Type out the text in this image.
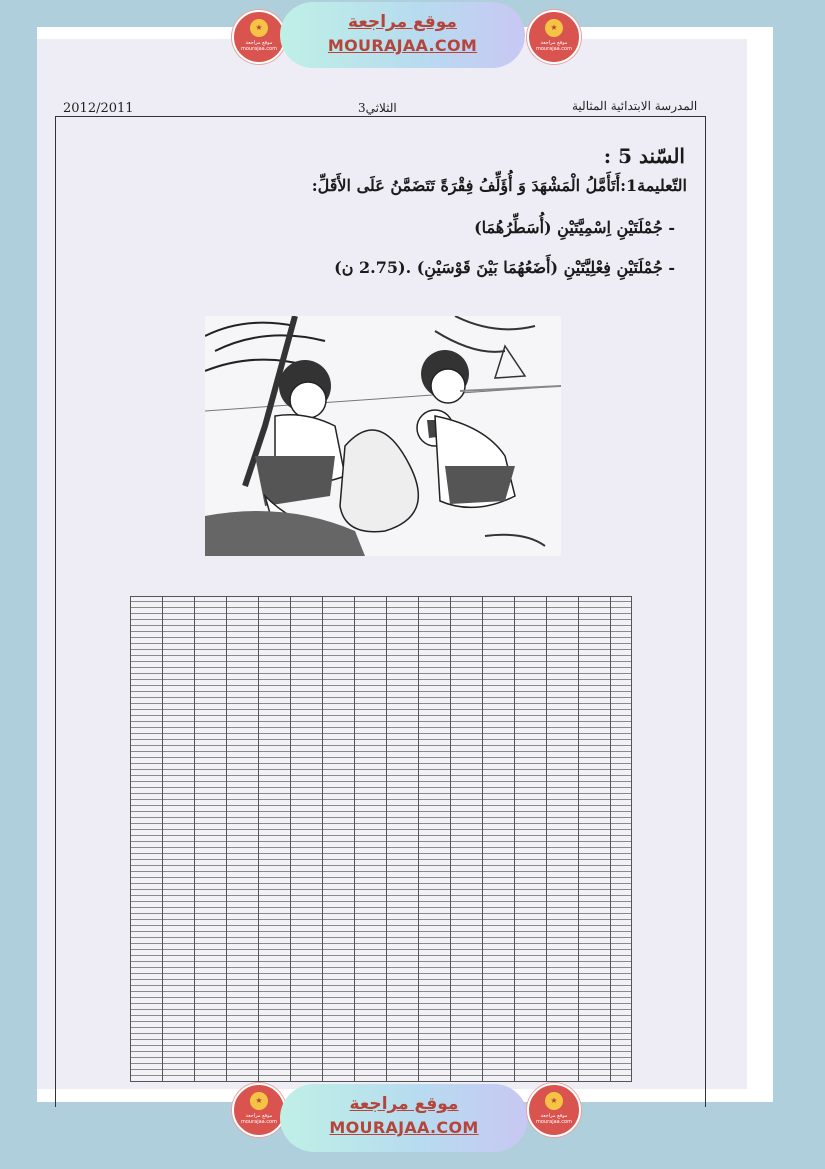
2012/2011	الثلاثي3	المدرسة الابتدائية المثالية
السّند 5 :
التّعليمة1:أَتَأَمَّلُ الْمَشْهَدَ وَ أُؤَلِّفُ فِقْرَةً تَتَضَمَّنُ عَلَى الأَقَلِّ:
- جُمْلَتَيْنِ اِسْمِيَّتَيْنِ (أُسَطِّرُهُمَا)
- جُمْلَتَيْنِ فِعْلِيَّتَيْنِ (أَضَعُهُمَا بَيْنَ قَوْسَيْنِ) .(2.75 ن)
★
موقع مراجعة
mourajaa.com
موقع مراجعة
MOURAJAA.COM
★
موقع مراجعة
mourajaa.com
★
موقع مراجعة
mourajaa.com
موقع مراجعة
MOURAJAA.COM
★
موقع مراجعة
mourajaa.com
